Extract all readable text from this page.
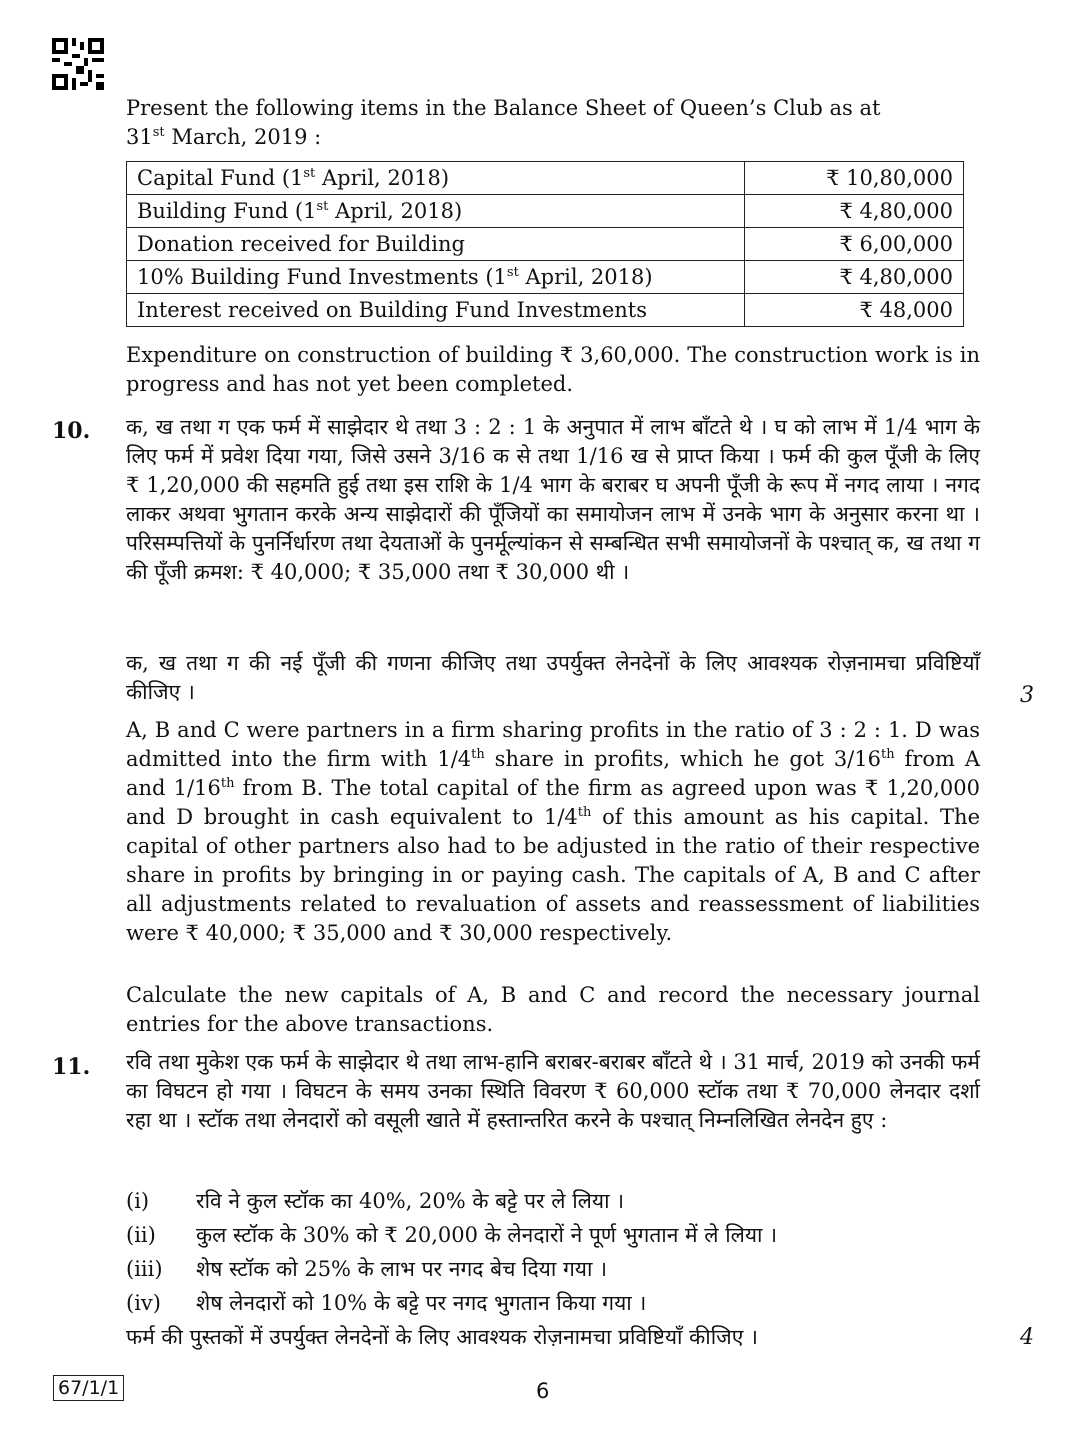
Present the following items in the Balance Sheet of Queen’s Club as at
31st March, 2019 :
Capital Fund (1st April, 2018)	₹ 10,80,000
Building Fund (1st April, 2018)	₹ 4,80,000
Donation received for Building	₹ 6,00,000
10% Building Fund Investments (1st April, 2018)	₹ 4,80,000
Interest received on Building Fund Investments	₹ 48,000
Expenditure on construction of building ₹ 3,60,000. The construction work is in progress and has not yet been completed.
10. क, ख तथा ग एक फर्म में साझेदार थे तथा 3 : 2 : 1 के अनुपात में लाभ बाँटते थे । घ को लाभ में 1/4 भाग के लिए फर्म में प्रवेश दिया गया, जिसे उसने 3/16 क से तथा 1/16 ख से प्राप्त किया । फर्म की कुल पूँजी के लिए ₹ 1,20,000 की सहमति हुई तथा इस राशि के 1/4 भाग के बराबर घ अपनी पूँजी के रूप में नगद लाया । नगद लाकर अथवा भुगतान करके अन्य साझेदारों की पूँजियों का समायोजन लाभ में उनके भाग के अनुसार करना था । परिसम्पत्तियों के पुनर्निर्धारण तथा देयताओं के पुनर्मूल्यांकन से सम्बन्धित सभी समायोजनों के पश्चात् क, ख तथा ग की पूँजी क्रमश: ₹ 40,000; ₹ 35,000 तथा ₹ 30,000 थी ।
क, ख तथा ग की नई पूँजी की गणना कीजिए तथा उपर्युक्त लेनदेनों के लिए आवश्यक रोज़नामचा प्रविष्टियाँ कीजिए ।	3
A, B and C were partners in a firm sharing profits in the ratio of 3 : 2 : 1. D was admitted into the firm with 1/4th share in profits, which he got 3/16th from A and 1/16th from B. The total capital of the firm as agreed upon was ₹ 1,20,000 and D brought in cash equivalent to 1/4th of this amount as his capital. The capital of other partners also had to be adjusted in the ratio of their respective share in profits by bringing in or paying cash. The capitals of A, B and C after all adjustments related to revaluation of assets and reassessment of liabilities were ₹ 40,000; ₹ 35,000 and ₹ 30,000 respectively.
Calculate the new capitals of A, B and C and record the necessary journal entries for the above transactions.
11. रवि तथा मुकेश एक फर्म के साझेदार थे तथा लाभ-हानि बराबर-बराबर बाँटते थे । 31 मार्च, 2019 को उनकी फर्म का विघटन हो गया । विघटन के समय उनका स्थिति विवरण ₹ 60,000 स्टॉक तथा ₹ 70,000 लेनदार दर्शा रहा था । स्टॉक तथा लेनदारों को वसूली खाते में हस्तान्तरित करने के पश्चात् निम्नलिखित लेनदेन हुए :
(i) रवि ने कुल स्टॉक का 40%, 20% के बट्टे पर ले लिया ।
(ii) कुल स्टॉक के 30% को ₹ 20,000 के लेनदारों ने पूर्ण भुगतान में ले लिया ।
(iii) शेष स्टॉक को 25% के लाभ पर नगद बेच दिया गया ।
(iv) शेष लेनदारों को 10% के बट्टे पर नगद भुगतान किया गया ।
फर्म की पुस्तकों में उपर्युक्त लेनदेनों के लिए आवश्यक रोज़नामचा प्रविष्टियाँ कीजिए ।	4
67/1/1	6
